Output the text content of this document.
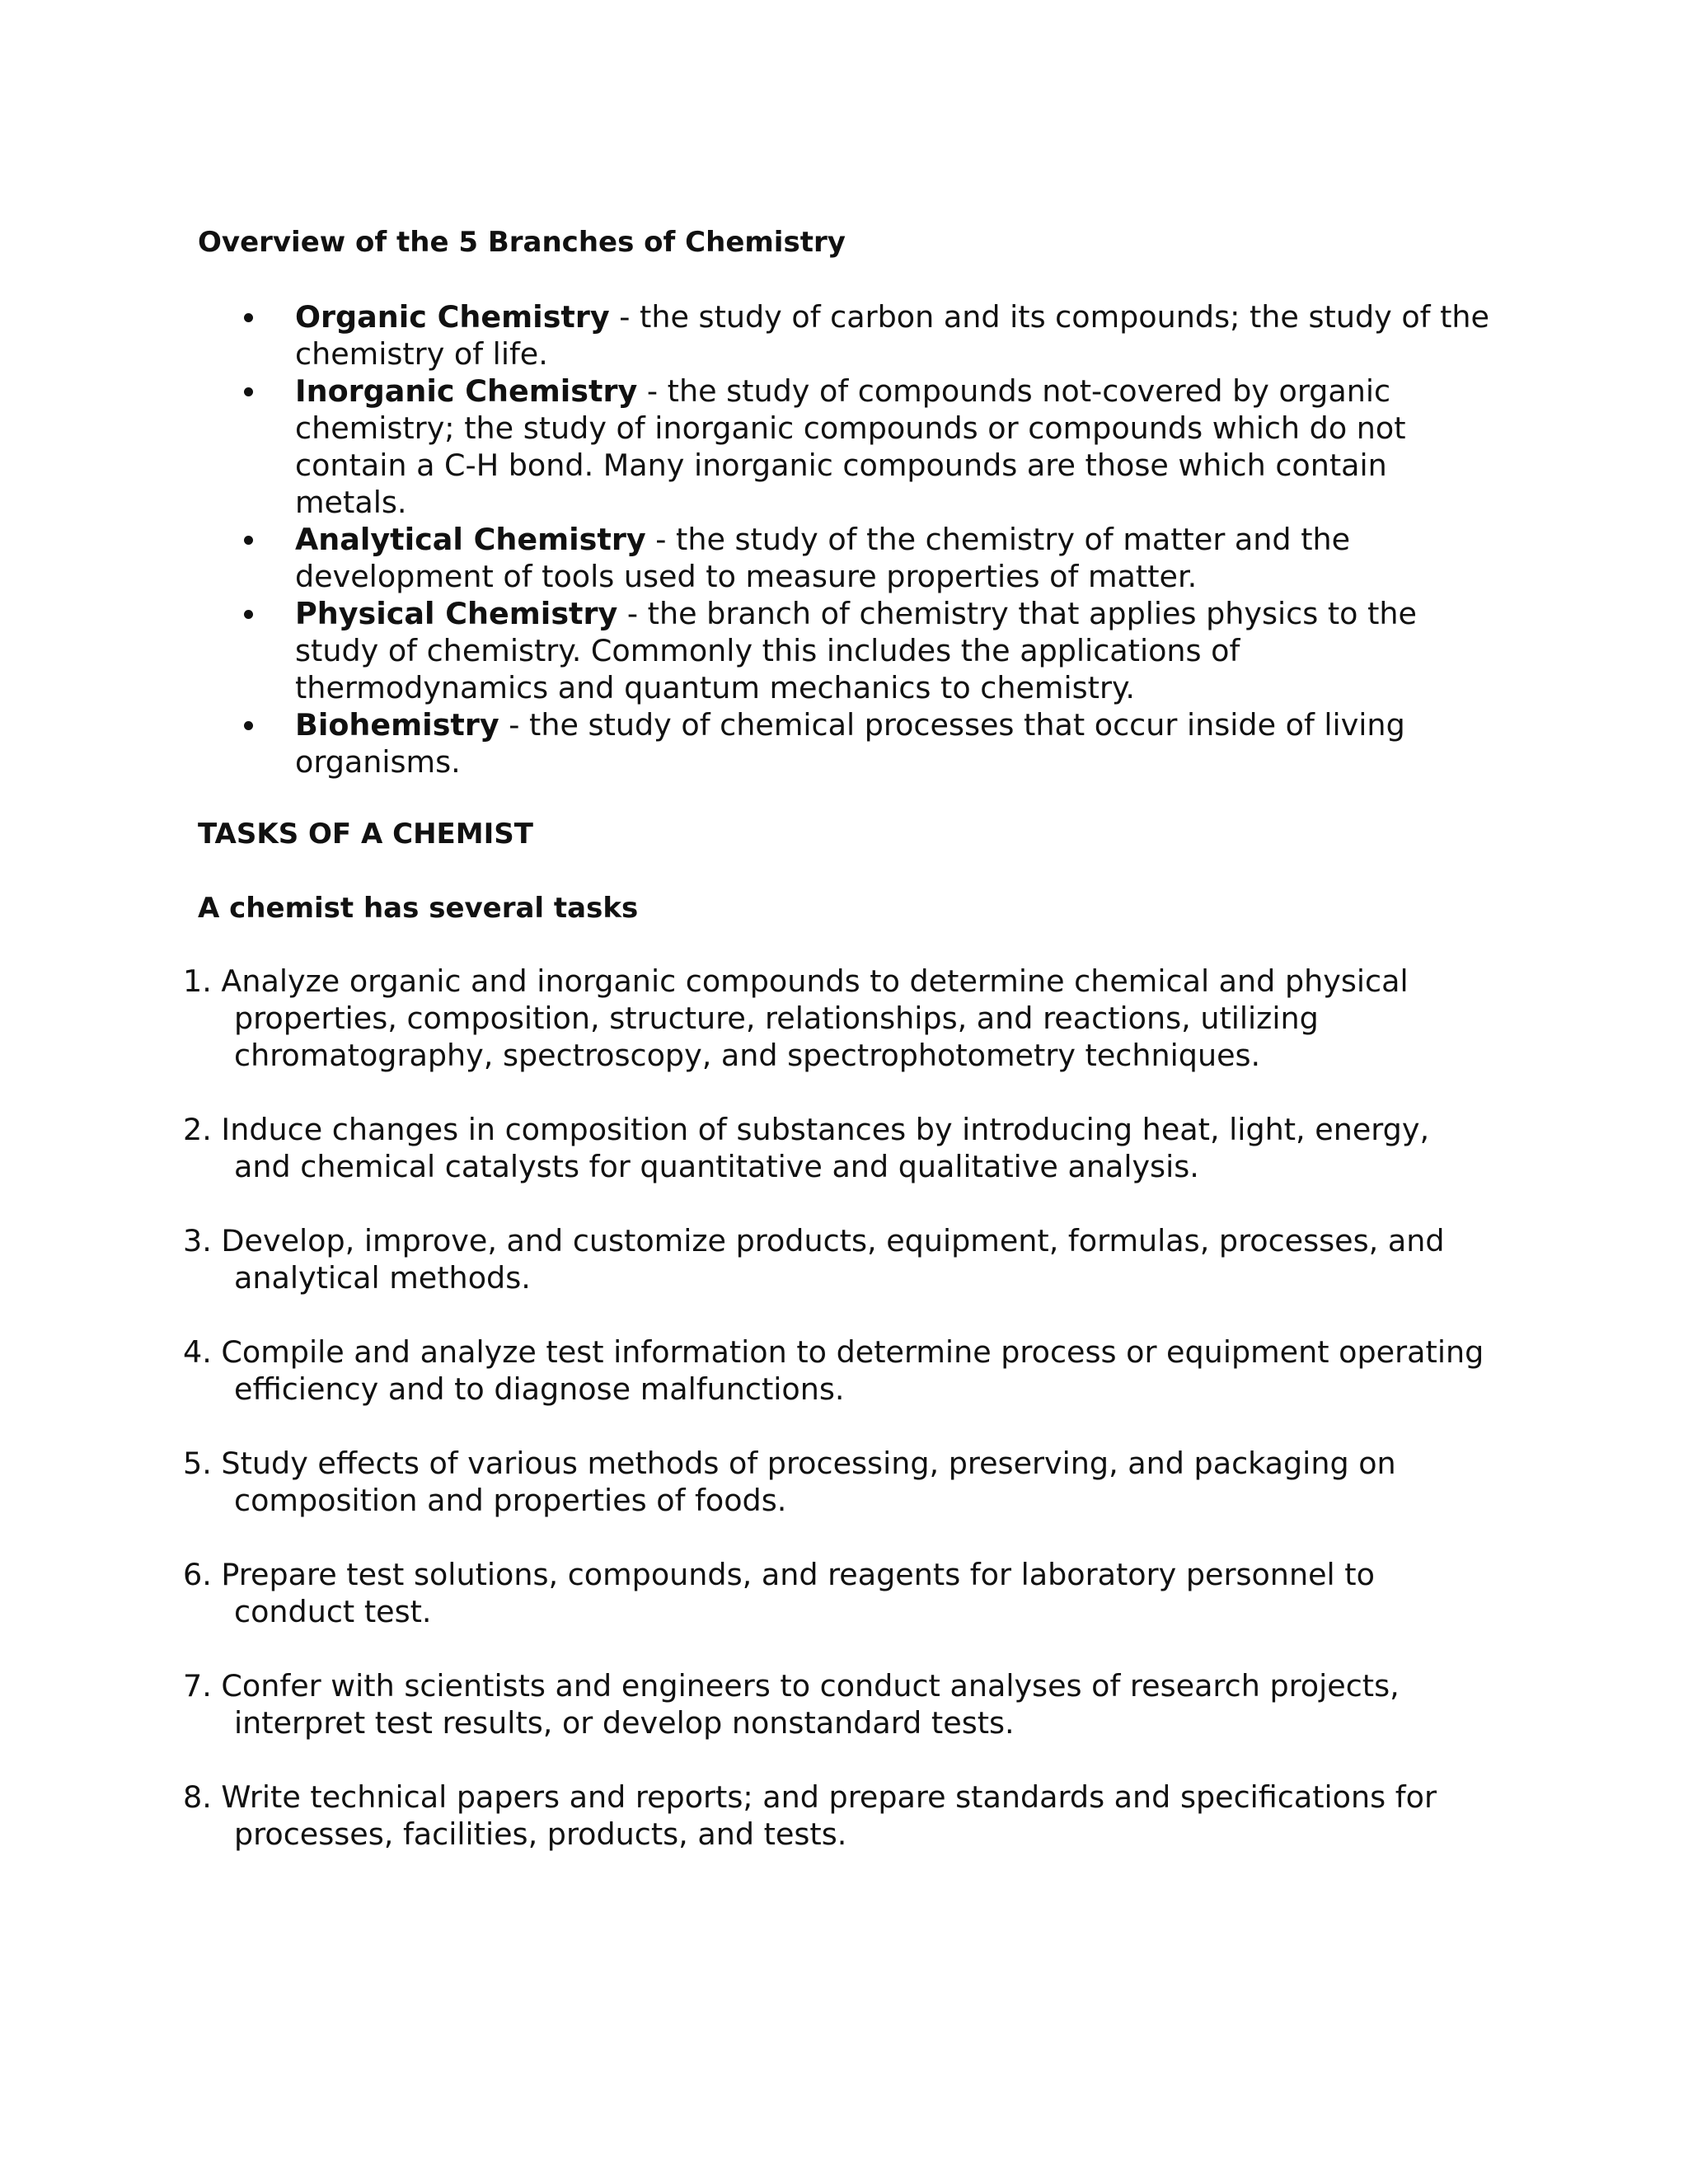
Overview of the 5 Branches of Chemistry
Organic Chemistry - the study of carbon and its compounds; the study of the chemistry of life.
Inorganic Chemistry - the study of compounds not-covered by organic chemistry; the study of inorganic compounds or compounds which do not contain a C-H bond. Many inorganic compounds are those which contain metals.
Analytical Chemistry - the study of the chemistry of matter and the development of tools used to measure properties of matter.
Physical Chemistry - the branch of chemistry that applies physics to the study of chemistry. Commonly this includes the applications of thermodynamics and quantum mechanics to chemistry.
Biohemistry - the study of chemical processes that occur inside of living organisms.
TASKS OF A CHEMIST
A chemist has several tasks
1. Analyze organic and inorganic compounds to determine chemical and physical properties, composition, structure, relationships, and reactions, utilizing chromatography, spectroscopy, and spectrophotometry techniques.
2. Induce changes in composition of substances by introducing heat, light, energy, and chemical catalysts for quantitative and qualitative analysis.
3. Develop, improve, and customize products, equipment, formulas, processes, and analytical methods.
4. Compile and analyze test information to determine process or equipment operating efficiency and to diagnose malfunctions.
5. Study effects of various methods of processing, preserving, and packaging on composition and properties of foods.
6. Prepare test solutions, compounds, and reagents for laboratory personnel to conduct test.
7. Confer with scientists and engineers to conduct analyses of research projects, interpret test results, or develop nonstandard tests.
8. Write technical papers and reports; and prepare standards and specifications for processes, facilities, products, and tests.
